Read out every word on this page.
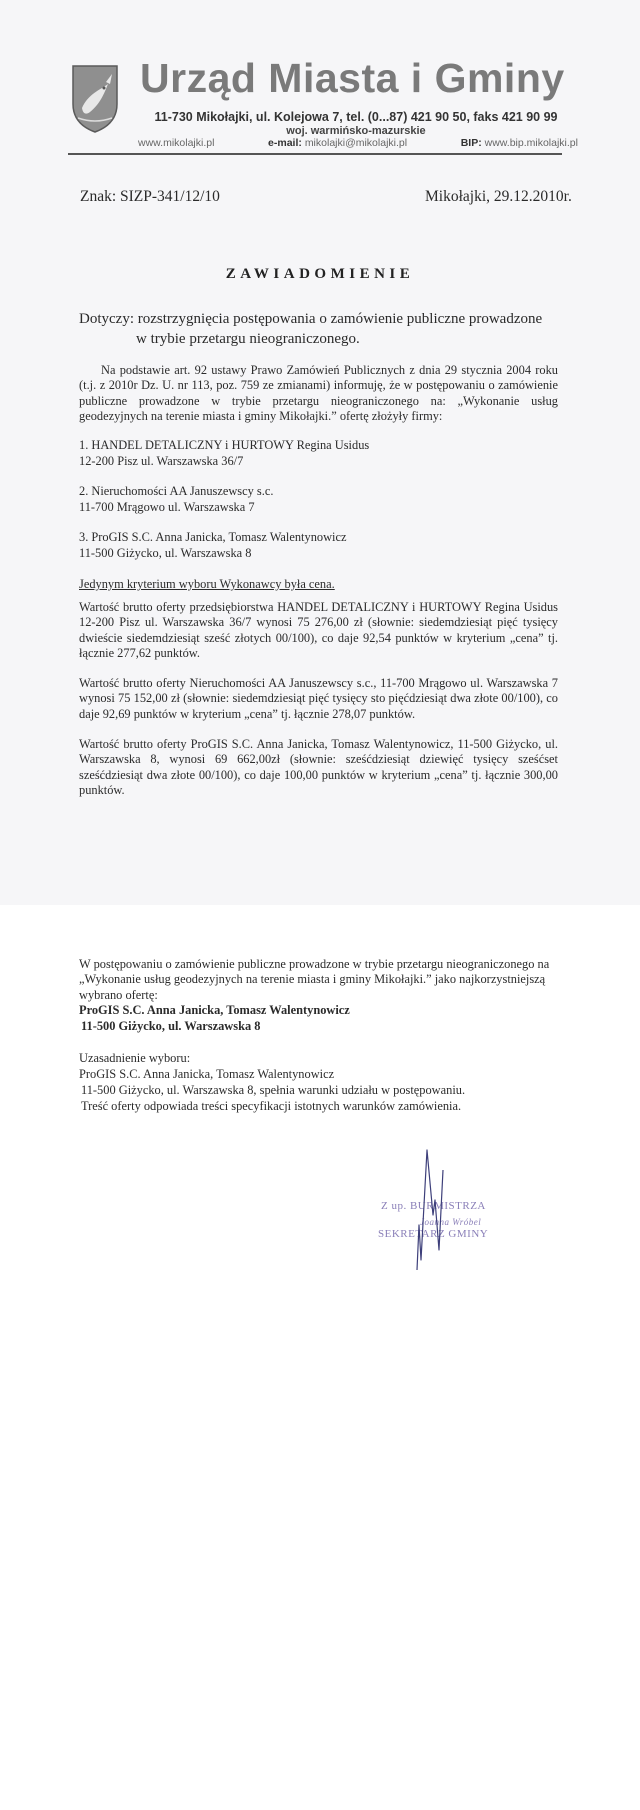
Urząd Miasta i Gminy
11-730 Mikołajki, ul. Kolejowa 7, tel. (0...87) 421 90 50, faks 421 90 99
woj. warmińsko-mazurskie
www.mikolajki.pl	e-mail: mikolajki@mikolajki.pl	BIP: www.bip.mikolajki.pl
Znak: SIZP-341/12/10	Mikołajki, 29.12.2010r.
ZAWIADOMIENIE
Dotyczy: rozstrzygnięcia postępowania o zamówienie publiczne prowadzone
w trybie przetargu nieograniczonego.
Na podstawie art. 92 ustawy Prawo Zamówień Publicznych z dnia 29 stycznia 2004 roku (t.j. z 2010r Dz. U. nr 113, poz. 759 ze zmianami) informuję, że w postępowaniu o zamówienie publiczne prowadzone w trybie przetargu nieograniczonego na: „Wykonanie usług geodezyjnych na terenie miasta i gminy Mikołajki.” ofertę złożyły firmy:
1. HANDEL DETALICZNY i HURTOWY Regina Usidus
12-200 Pisz ul. Warszawska 36/7
2. Nieruchomości AA Januszewscy s.c.
11-700 Mrągowo ul. Warszawska 7
3. ProGIS S.C. Anna Janicka, Tomasz Walentynowicz
11-500 Giżycko, ul. Warszawska 8
Jedynym kryterium wyboru Wykonawcy była cena.
Wartość brutto oferty przedsiębiorstwa HANDEL DETALICZNY i HURTOWY Regina Usidus 12-200 Pisz ul. Warszawska 36/7 wynosi 75 276,00 zł (słownie: siedemdziesiąt pięć tysięcy dwieście siedemdziesiąt sześć złotych 00/100), co daje 92,54 punktów w kryterium „cena” tj. łącznie 277,62 punktów.
Wartość brutto oferty Nieruchomości AA Januszewscy s.c., 11-700 Mrągowo ul. Warszawska 7 wynosi 75 152,00 zł (słownie: siedemdziesiąt pięć tysięcy sto pięćdziesiąt dwa złote 00/100), co daje 92,69 punktów w kryterium „cena” tj. łącznie 278,07 punktów.
Wartość brutto oferty ProGIS S.C. Anna Janicka, Tomasz Walentynowicz, 11-500 Giżycko, ul. Warszawska 8, wynosi 69 662,00zł (słownie: sześćdziesiąt dziewięć tysięcy sześćset sześćdziesiąt dwa złote 00/100), co daje 100,00 punktów w kryterium „cena” tj. łącznie 300,00 punktów.
W postępowaniu o zamówienie publiczne prowadzone w trybie przetargu nieograniczonego na „Wykonanie usług geodezyjnych na terenie miasta i gminy Mikołajki.” jako najkorzystniejszą wybrano ofertę:
ProGIS S.C. Anna Janicka, Tomasz Walentynowicz
11-500 Giżycko, ul. Warszawska 8
Uzasadnienie wyboru:
ProGIS S.C. Anna Janicka, Tomasz Walentynowicz
11-500 Giżycko, ul. Warszawska 8, spełnia warunki udziału w postępowaniu.
Treść oferty odpowiada treści specyfikacji istotnych warunków zamówienia.
Z up. BURMISTRZA
Joanna Wróbel
SEKRETARZ GMINY
